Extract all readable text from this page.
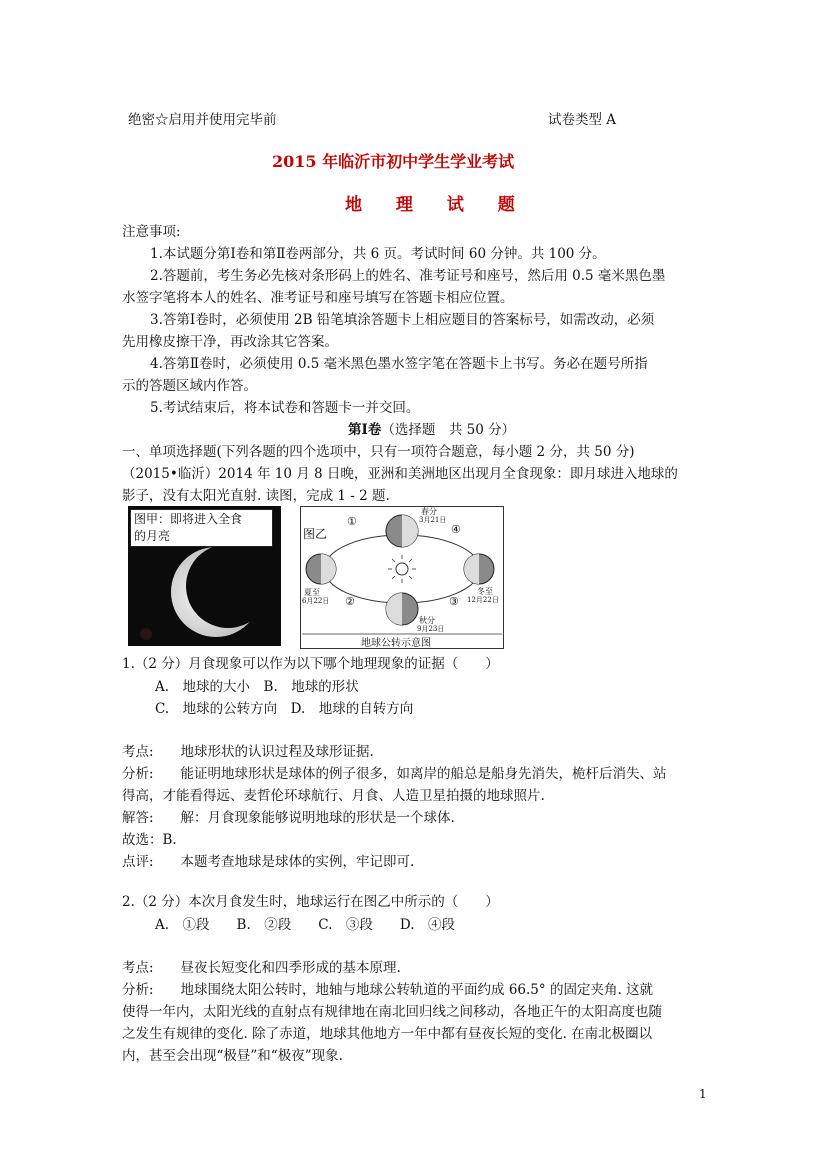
绝密☆启用并使用完毕前	试卷类型 A
2015 年临沂市初中学生学业考试
地 理 试 题
注意事项:
1.本试题分第Ⅰ卷和第Ⅱ卷两部分，共 6 页。考试时间 60 分钟。共 100 分。
2.答题前，考生务必先核对条形码上的姓名、准考证号和座号，然后用 0.5 毫米黑色墨
水签字笔将本人的姓名、准考证号和座号填写在答题卡相应位置。
3.答第Ⅰ卷时，必须使用 2B 铅笔填涂答题卡上相应题目的答案标号，如需改动，必须
先用橡皮擦干净，再改涂其它答案。
4.答第Ⅱ卷时，必须使用 0.5 毫米黑色墨水签字笔在答题卡上书写。务必在题号所指
示的答题区域内作答。
5.考试结束后，将本试卷和答题卡一并交回。
第Ⅰ卷（选择题　共 50 分）
一、单项选择题(下列各题的四个选项中，只有一项符合题意，每小题 2 分，共 50 分)
（2015•临沂）2014 年 10 月 8 日晚，亚洲和美洲地区出现月全食现象：即月球进入地球的
影子，没有太阳光直射. 读图，完成 1 - 2 题.
图甲：即将进入全食
的月亮	图乙
①
④
②	③
春分
3月21日
夏至
6月22日
冬至
12月22日
秋分
9月23日
地球公转示意图
1.（2 分）月食现象可以作为以下哪个地理现象的证据（　　）
A.　地球的大小　B.　地球的形状
C.　地球的公转方向　D.　地球的自转方向
考点:　　地球形状的认识过程及球形证据.
分析:　　能证明地球形状是球体的例子很多，如离岸的船总是船身先消失，桅杆后消失、站
得高，才能看得远、麦哲伦环球航行、月食、人造卫星拍摄的地球照片.
解答:　　解：月食现象能够说明地球的形状是一个球体.
故选：B.
点评:　　本题考查地球是球体的实例，牢记即可.
2.（2 分）本次月食发生时，地球运行在图乙中所示的（　　）
A.　①段　　B.　②段　　C.　③段　　D.　④段
考点:　　昼夜长短变化和四季形成的基本原理.
分析:　　地球围绕太阳公转时，地轴与地球公转轨道的平面约成 66.5° 的固定夹角. 这就
使得一年内，太阳光线的直射点有规律地在南北回归线之间移动，各地正午的太阳高度也随
之发生有规律的变化. 除了赤道，地球其他地方一年中都有昼夜长短的变化. 在南北极圈以
内，甚至会出现“极昼”和“极夜”现象.
1
